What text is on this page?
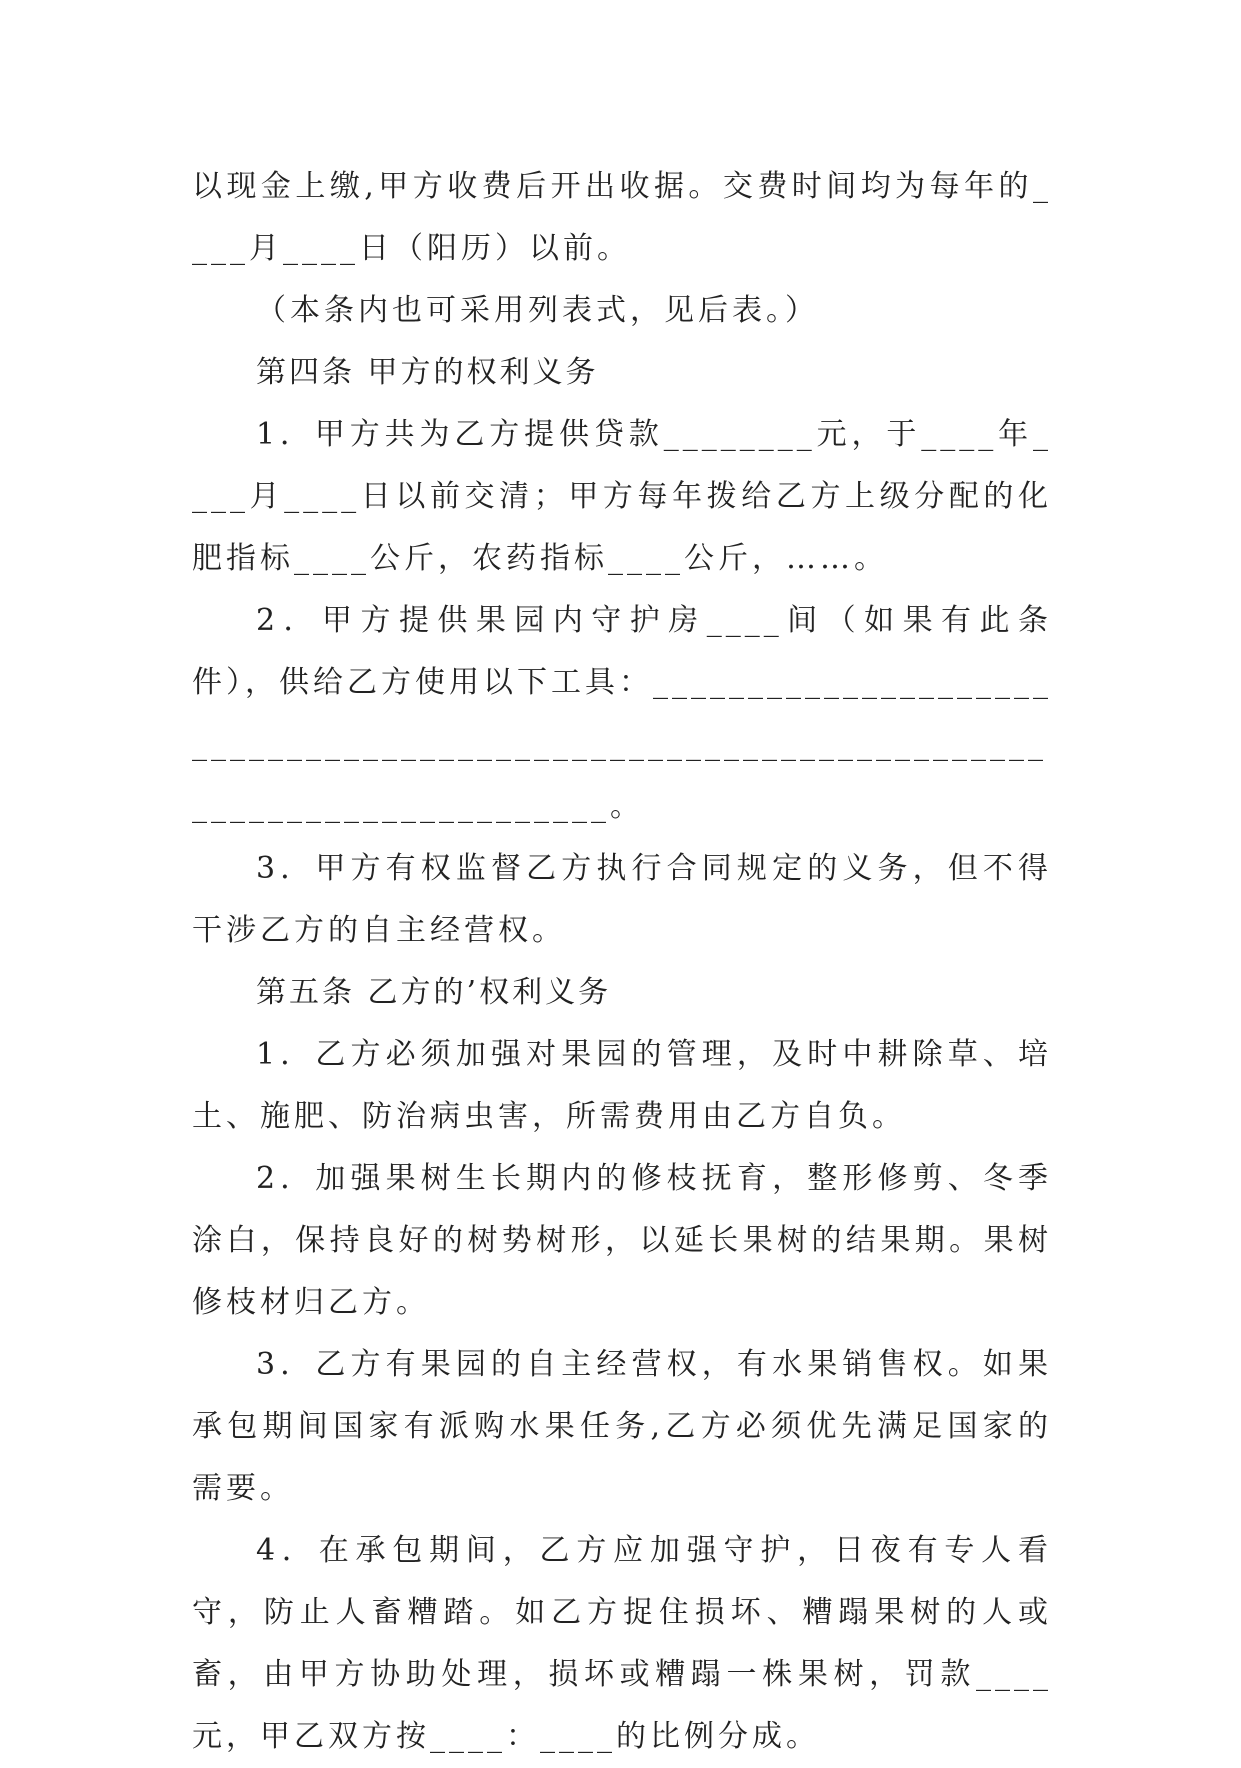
以现金上缴,甲方收费后开出收据。交费时间均为每年的____月____日（阳历）以前。

（本条内也可采用列表式，见后表。）

第四条 甲方的权利义务

1．甲方共为乙方提供贷款________元，于____年____月____日以前交清；甲方每年拨给乙方上级分配的化肥指标____公斤，农药指标____公斤，……。

2．甲方提供果园内守护房____间（如果有此条件），供给乙方使用以下工具：________________________________________________________________________________________。

3．甲方有权监督乙方执行合同规定的义务，但不得干涉乙方的自主经营权。

第五条 乙方的’权利义务

1．乙方必须加强对果园的管理，及时中耕除草、培土、施肥、防治病虫害，所需费用由乙方自负。

2．加强果树生长期内的修枝抚育，整形修剪、冬季涂白，保持良好的树势树形，以延长果树的结果期。果树修枝材归乙方。

3．乙方有果园的自主经营权，有水果销售权。如果承包期间国家有派购水果任务,乙方必须优先满足国家的需要。

4．在承包期间，乙方应加强守护，日夜有专人看守，防止人畜糟踏。如乙方捉住损坏、糟蹋果树的人或畜，由甲方协助处理，损坏或糟蹋一株果树，罚款____元，甲乙双方按____：____的比例分成。
